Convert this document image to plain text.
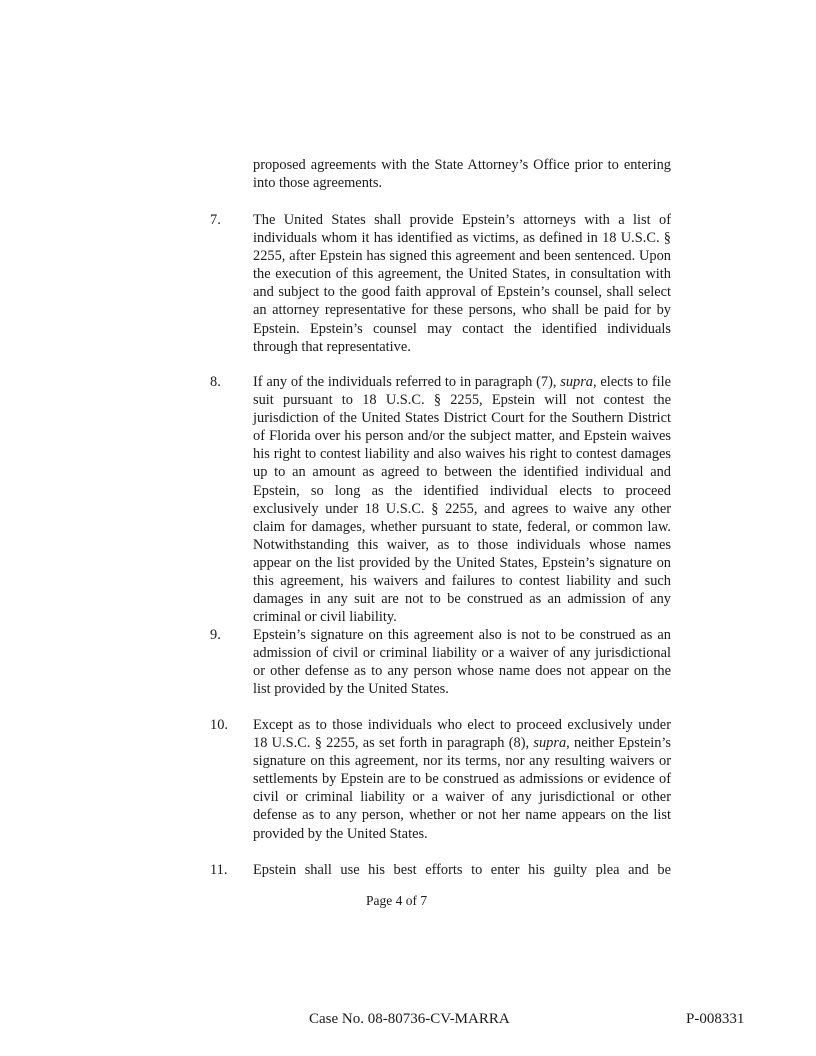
proposed agreements with the State Attorney’s Office prior to entering into those agreements.
7. The United States shall provide Epstein’s attorneys with a list of individuals whom it has identified as victims, as defined in 18 U.S.C. § 2255, after Epstein has signed this agreement and been sentenced. Upon the execution of this agreement, the United States, in consultation with and subject to the good faith approval of Epstein’s counsel, shall select an attorney representative for these persons, who shall be paid for by Epstein. Epstein’s counsel may contact the identified individuals through that representative.
8. If any of the individuals referred to in paragraph (7), supra, elects to file suit pursuant to 18 U.S.C. § 2255, Epstein will not contest the jurisdiction of the United States District Court for the Southern District of Florida over his person and/or the subject matter, and Epstein waives his right to contest liability and also waives his right to contest damages up to an amount as agreed to between the identified individual and Epstein, so long as the identified individual elects to proceed exclusively under 18 U.S.C. § 2255, and agrees to waive any other claim for damages, whether pursuant to state, federal, or common law. Notwithstanding this waiver, as to those individuals whose names appear on the list provided by the United States, Epstein’s signature on this agreement, his waivers and failures to contest liability and such damages in any suit are not to be construed as an admission of any criminal or civil liability.
9. Epstein’s signature on this agreement also is not to be construed as an admission of civil or criminal liability or a waiver of any jurisdictional or other defense as to any person whose name does not appear on the list provided by the United States.
10. Except as to those individuals who elect to proceed exclusively under 18 U.S.C. § 2255, as set forth in paragraph (8), supra, neither Epstein’s signature on this agreement, nor its terms, nor any resulting waivers or settlements by Epstein are to be construed as admissions or evidence of civil or criminal liability or a waiver of any jurisdictional or other defense as to any person, whether or not her name appears on the list provided by the United States.
11. Epstein shall use his best efforts to enter his guilty plea and be
Page 4 of 7
Case No. 08-80736-CV-MARRA	P-008331
